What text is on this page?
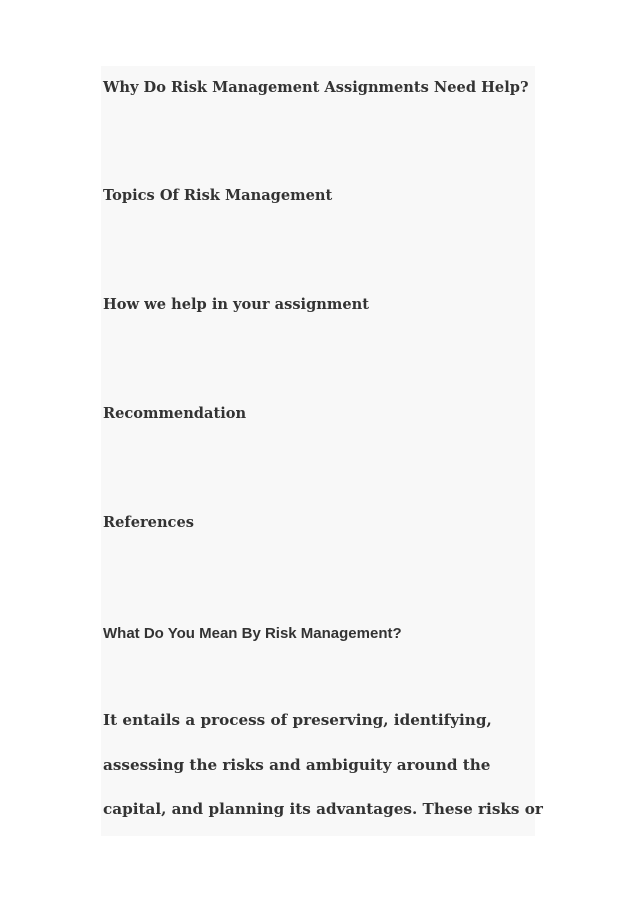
Why Do Risk Management Assignments Need Help?
Topics Of Risk Management
How we help in your assignment
Recommendation
References
What Do You Mean By Risk Management?
It entails a process of preserving, identifying,
assessing the risks and ambiguity around the
capital, and planning its advantages. These risks or
